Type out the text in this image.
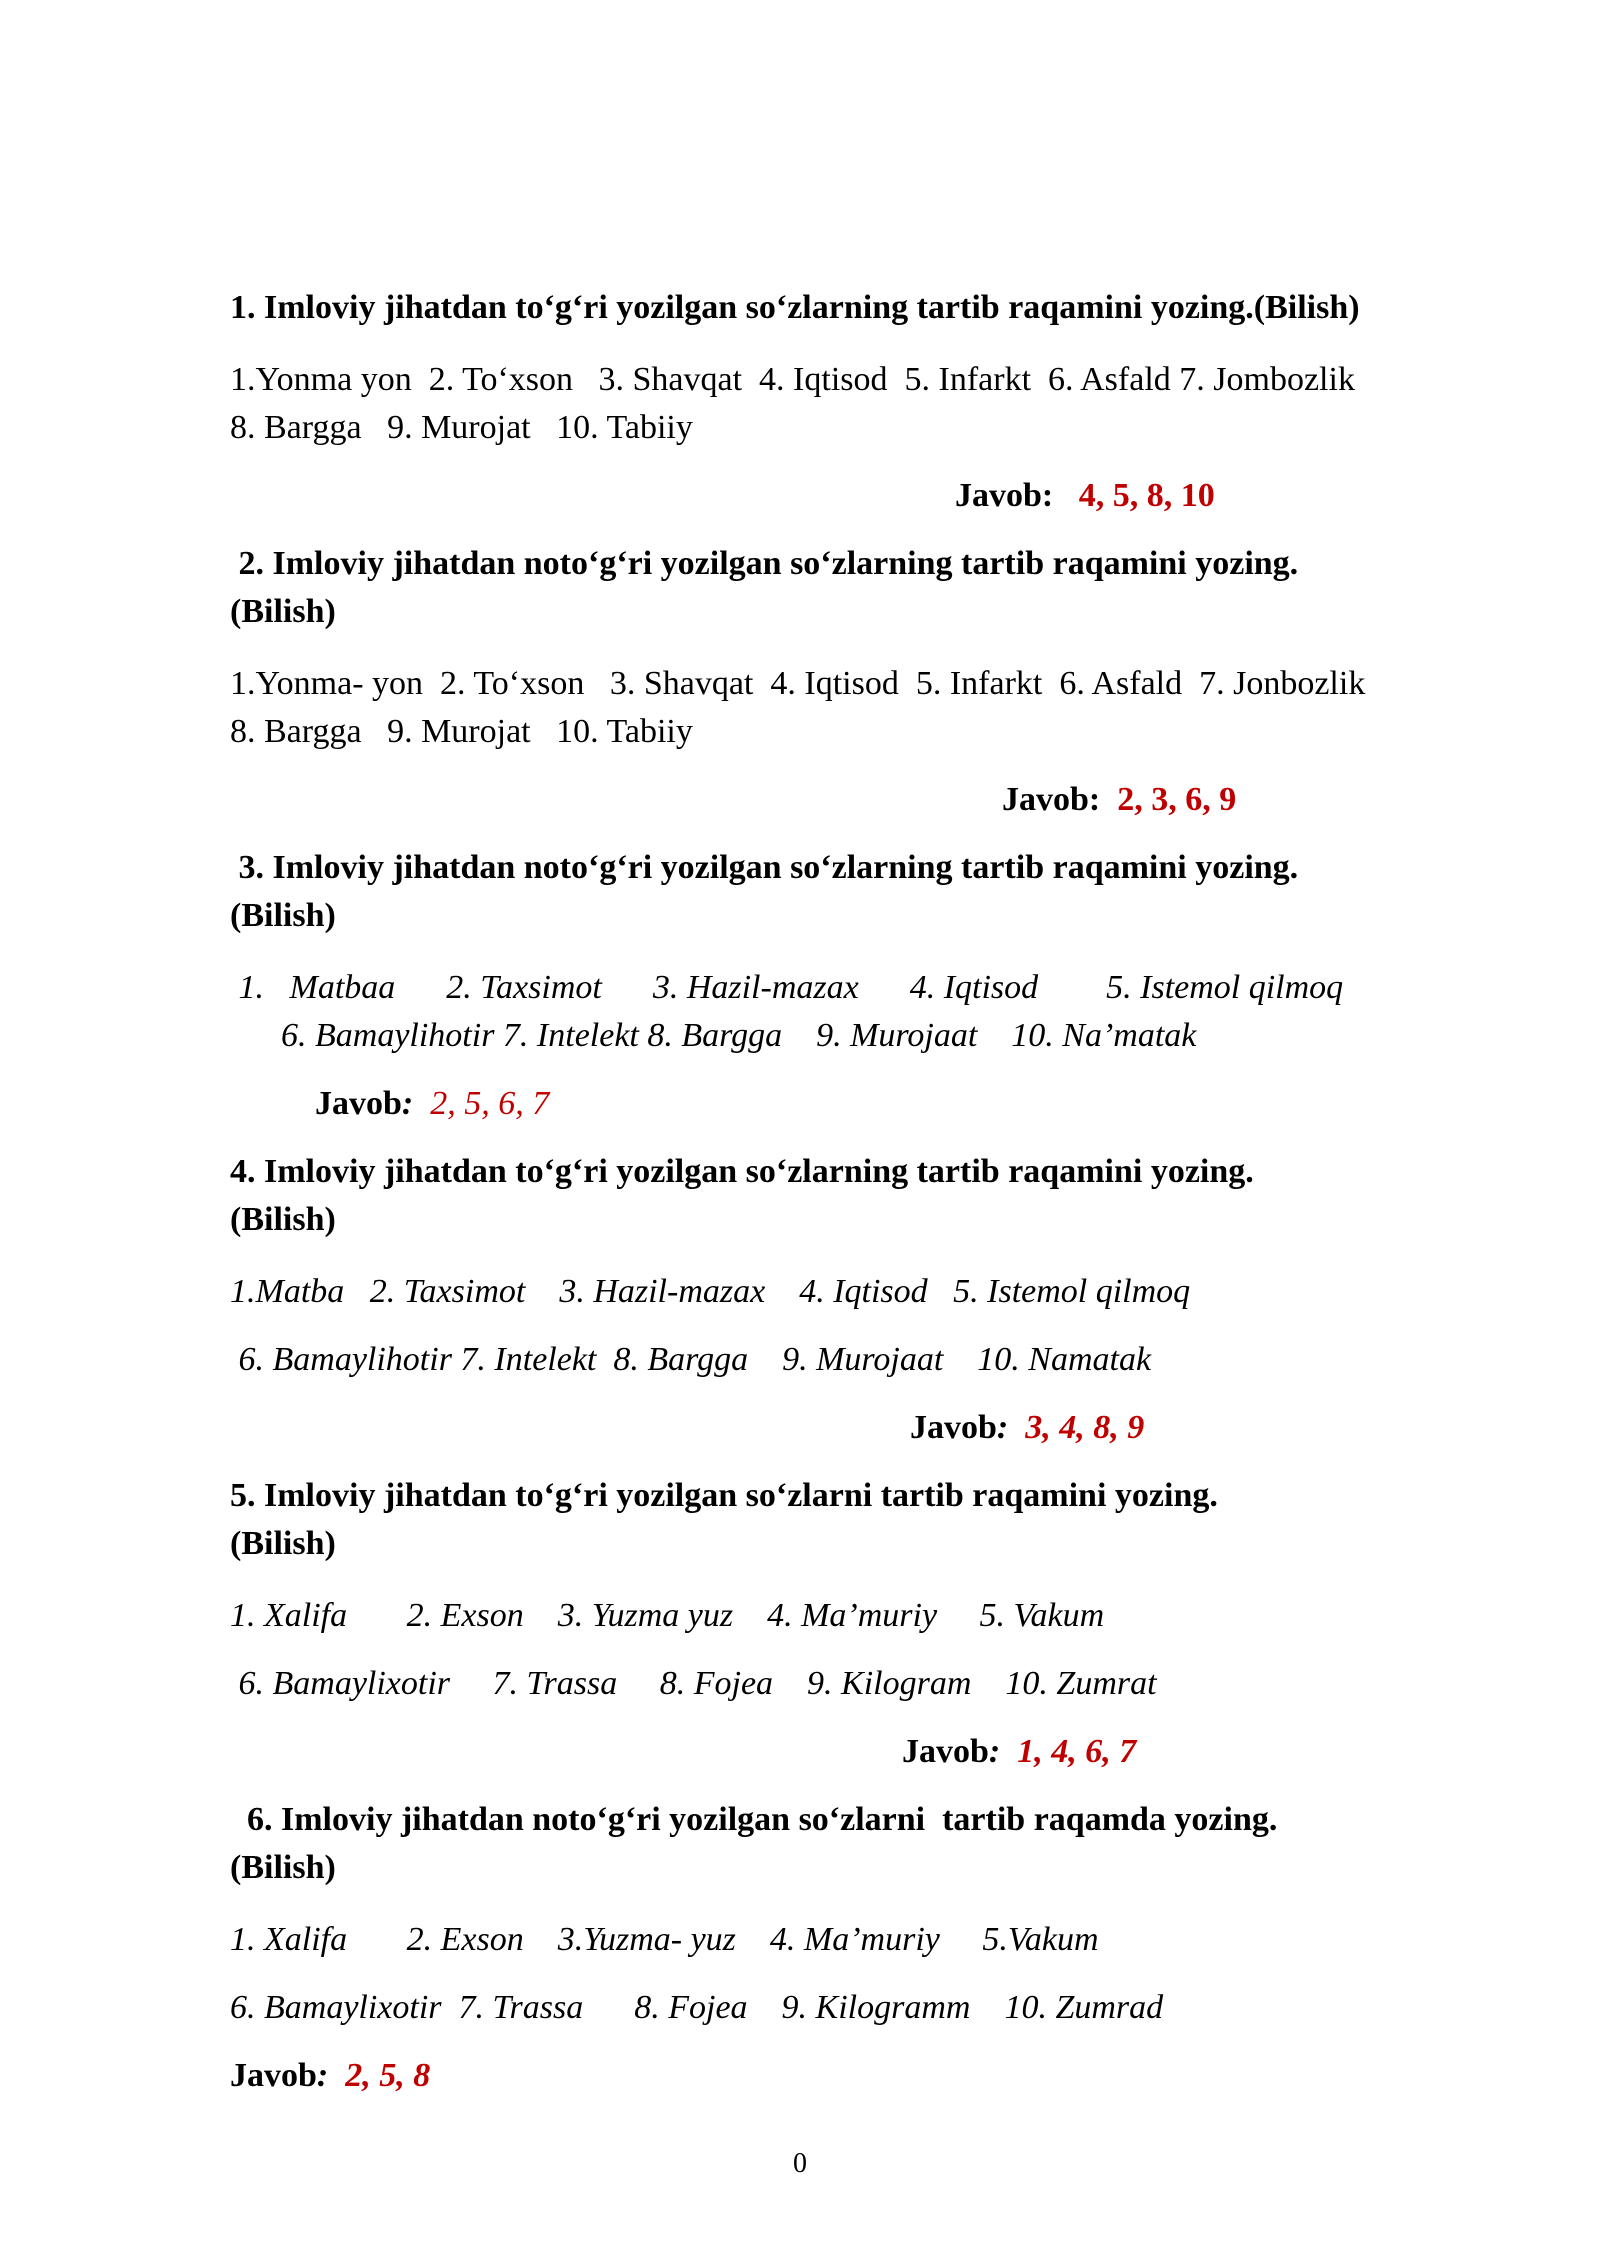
1. Imloviy jihatdan to‘g‘ri yozilgan so‘zlarning tartib raqamini yozing.(Bilish)
1.Yonma yon  2. To‘xson   3. Shavqat  4. Iqtisod  5. Infarkt  6. Asfald 7. Jombozlik
8. Bargga   9. Murojat   10. Tabiiy
Javob: 4, 5, 8, 10
2. Imloviy jihatdan noto‘g‘ri yozilgan so‘zlarning tartib raqamini yozing.
(Bilish)
1.Yonma- yon  2. To‘xson   3. Shavqat  4. Iqtisod  5. Infarkt  6. Asfald  7. Jonbozlik
8. Bargga   9. Murojat   10. Tabiiy
Javob: 2, 3, 6, 9
3. Imloviy jihatdan noto‘g‘ri yozilgan so‘zlarning tartib raqamini yozing.
(Bilish)
1.   Matbaa      2. Taxsimot      3. Hazil-mazax      4. Iqtisod        5. Istemol qilmoq
6. Bamaylihotir 7. Intelekt 8. Bargga    9. Murojaat    10. Na’matak
Javob: 2, 5, 6, 7
4. Imloviy jihatdan to‘g‘ri yozilgan so‘zlarning tartib raqamini yozing.
(Bilish)
1.Matba   2. Taxsimot    3. Hazil-mazax    4. Iqtisod   5. Istemol qilmoq
6. Bamaylihotir 7. Intelekt  8. Bargga    9. Murojaat    10. Namatak
Javob: 3, 4, 8, 9
5. Imloviy jihatdan to‘g‘ri yozilgan so‘zlarni tartib raqamini yozing.
(Bilish)
1. Xalifa       2. Exson    3. Yuzma yuz    4. Ma’muriy     5. Vakum
6. Bamaylixotir     7. Trassa     8. Fojea    9. Kilogram    10. Zumrat
Javob: 1, 4, 6, 7
6. Imloviy jihatdan noto‘g‘ri yozilgan so‘zlarni  tartib raqamda yozing.
(Bilish)
1. Xalifa       2. Exson    3.Yuzma- yuz    4. Ma’muriy     5.Vakum
6. Bamaylixotir  7. Trassa      8. Fojea    9. Kilogramm    10. Zumrad
Javob: 2, 5, 8
0
